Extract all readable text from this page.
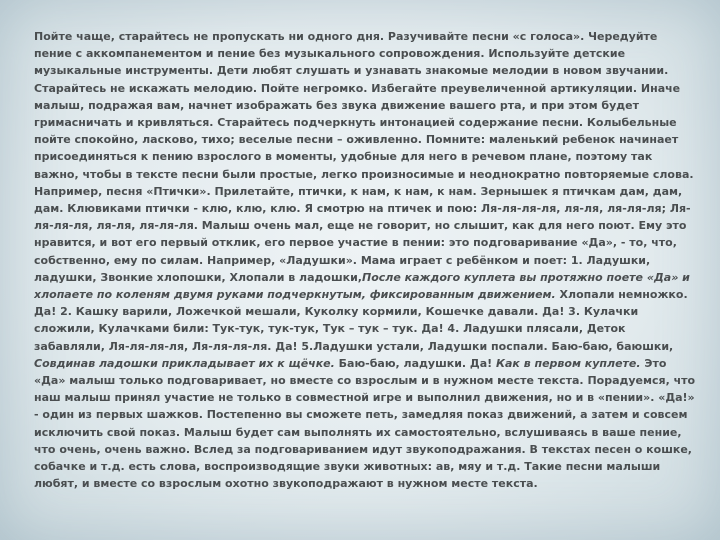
Пойте чаще, старайтесь не пропускать ни одного дня. Разучивайте песни «с голоса». Чередуйте пение с аккомпанементом и пение без музыкального сопровождения. Используйте детские музыкальные инструменты. Дети любят слушать и узнавать знакомые мелодии в новом звучании. Старайтесь не искажать мелодию. Пойте негромко. Избегайте преувеличенной артикуляции. Иначе малыш, подражая вам, начнет изображать без звука движение вашего рта, и при этом будет гримасничать и кривляться. Старайтесь подчеркнуть интонацией содержание песни. Колыбельные пойте спокойно, ласково, тихо; веселые песни – оживленно. Помните: маленький ребенок начинает присоединяться к пению взрослого в моменты, удобные для него в речевом плане, поэтому так важно, чтобы в тексте песни были простые, легко произносимые и неоднократно повторяемые слова. Например, песня «Птички». Прилетайте, птички, к нам, к нам, к нам. Зернышек я птичкам дам, дам, дам. Клювиками птички - клю, клю, клю. Я смотрю на птичек и пою: Ля-ля-ля-ля, ля-ля, ля-ля-ля; Ля-ля-ля-ля, ля-ля, ля-ля-ля. Малыш очень мал, еще не говорит, но слышит, как для него поют. Ему это нравится, и вот его первый отклик, его первое участие в пении: это подговаривание «Да», - то, что, собственно, ему по силам. Например, «Ладушки». Мама играет с ребёнком и поет: 1. Ладушки, ладушки, Звонкие хлопошки, Хлопали в ладошки,После каждого куплета вы протяжно поете «Да» и хлопаете по коленям двумя руками подчеркнутым, фиксированным движением. Хлопали немножко. Да! 2. Кашку варили, Ложечкой мешали, Куколку кормили, Кошечке давали. Да! 3. Кулачки сложили, Кулачками били: Тук-тук, тук-тук, Тук – тук – тук. Да! 4. Ладушки плясали, Деток забавляли, Ля-ля-ля-ля, Ля-ля-ля-ля. Да! 5.Ладушки устали, Ладушки поспали. Баю-баю, баюшки, Совдинав ладошки прикладывает их к щёчке. Баю-баю, ладушки. Да! Как в первом куплете. Это «Да» малыш только подговаривает, но вместе со взрослым и в нужном месте текста. Порадуемся, что наш малыш принял участие не только в совместной игре и выполнил движения, но и в «пении». «Да!» - один из первых шажков. Постепенно вы сможете петь, замедляя показ движений, а затем и совсем исключить свой показ. Малыш будет сам выполнять их самостоятельно, вслушиваясь в ваше пение, что очень, очень важно. Вслед за подговариванием идут звукоподражания. В текстах песен о кошке, собачке и т.д. есть слова, воспроизводящие звуки животных: ав, мяу и т.д. Такие песни малыши любят, и вместе со взрослым охотно звукоподражают в нужном месте текста.
